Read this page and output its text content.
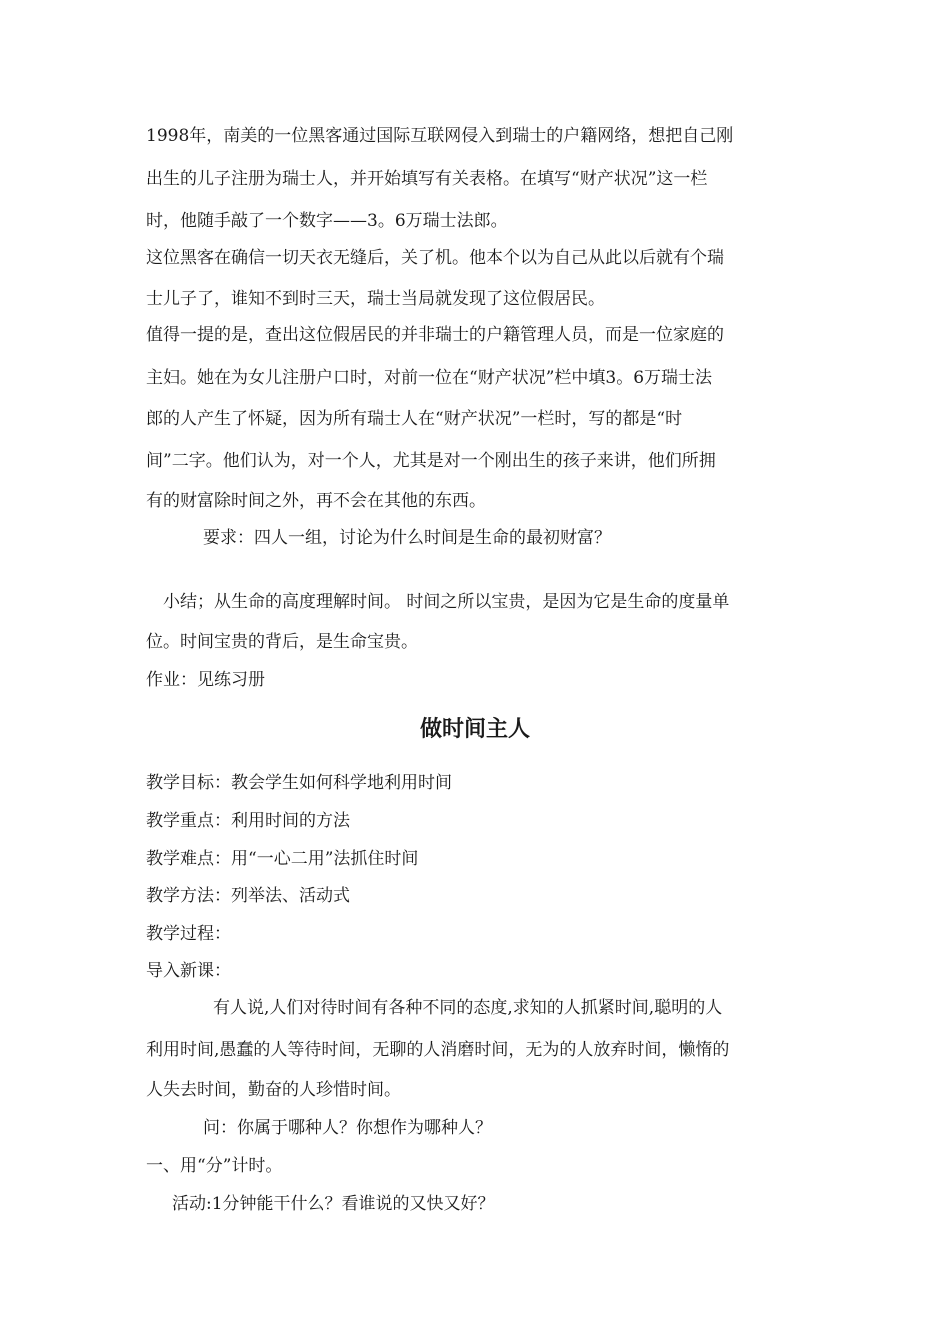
1998年，南美的一位黑客通过国际互联网侵入到瑞士的户籍网络，想把自己刚
出生的儿子注册为瑞士人，并开始填写有关表格。在填写“财产状况”这一栏
时，他随手敲了一个数字——3。6万瑞士法郎。
这位黑客在确信一切天衣无缝后，关了机。他本个以为自己从此以后就有个瑞
士儿子了，谁知不到时三天，瑞士当局就发现了这位假居民。
值得一提的是，查出这位假居民的并非瑞士的户籍管理人员，而是一位家庭的
主妇。她在为女儿注册户口时，对前一位在“财产状况”栏中填3。6万瑞士法
郎的人产生了怀疑，因为所有瑞士人在“财产状况”一栏时，写的都是“时
间”二字。他们认为，对一个人，尤其是对一个刚出生的孩子来讲，他们所拥
有的财富除时间之外，再不会在其他的东西。
要求：四人一组，讨论为什么时间是生命的最初财富？
小结；从生命的高度理解时间。 时间之所以宝贵，是因为它是生命的度量单
位。时间宝贵的背后，是生命宝贵。
作业：见练习册
做时间主人
教学目标：教会学生如何科学地利用时间
教学重点：利用时间的方法
教学难点：用“一心二用”法抓住时间
教学方法：列举法、活动式
教学过程：
导入新课：
有人说,人们对待时间有各种不同的态度,求知的人抓紧时间,聪明的人
利用时间,愚蠢的人等待时间，无聊的人消磨时间，无为的人放弃时间，懒惰的
人失去时间，勤奋的人珍惜时间。
问：你属于哪种人？你想作为哪种人？
一、用“分”计时。
活动:1分钟能干什么？看谁说的又快又好？
